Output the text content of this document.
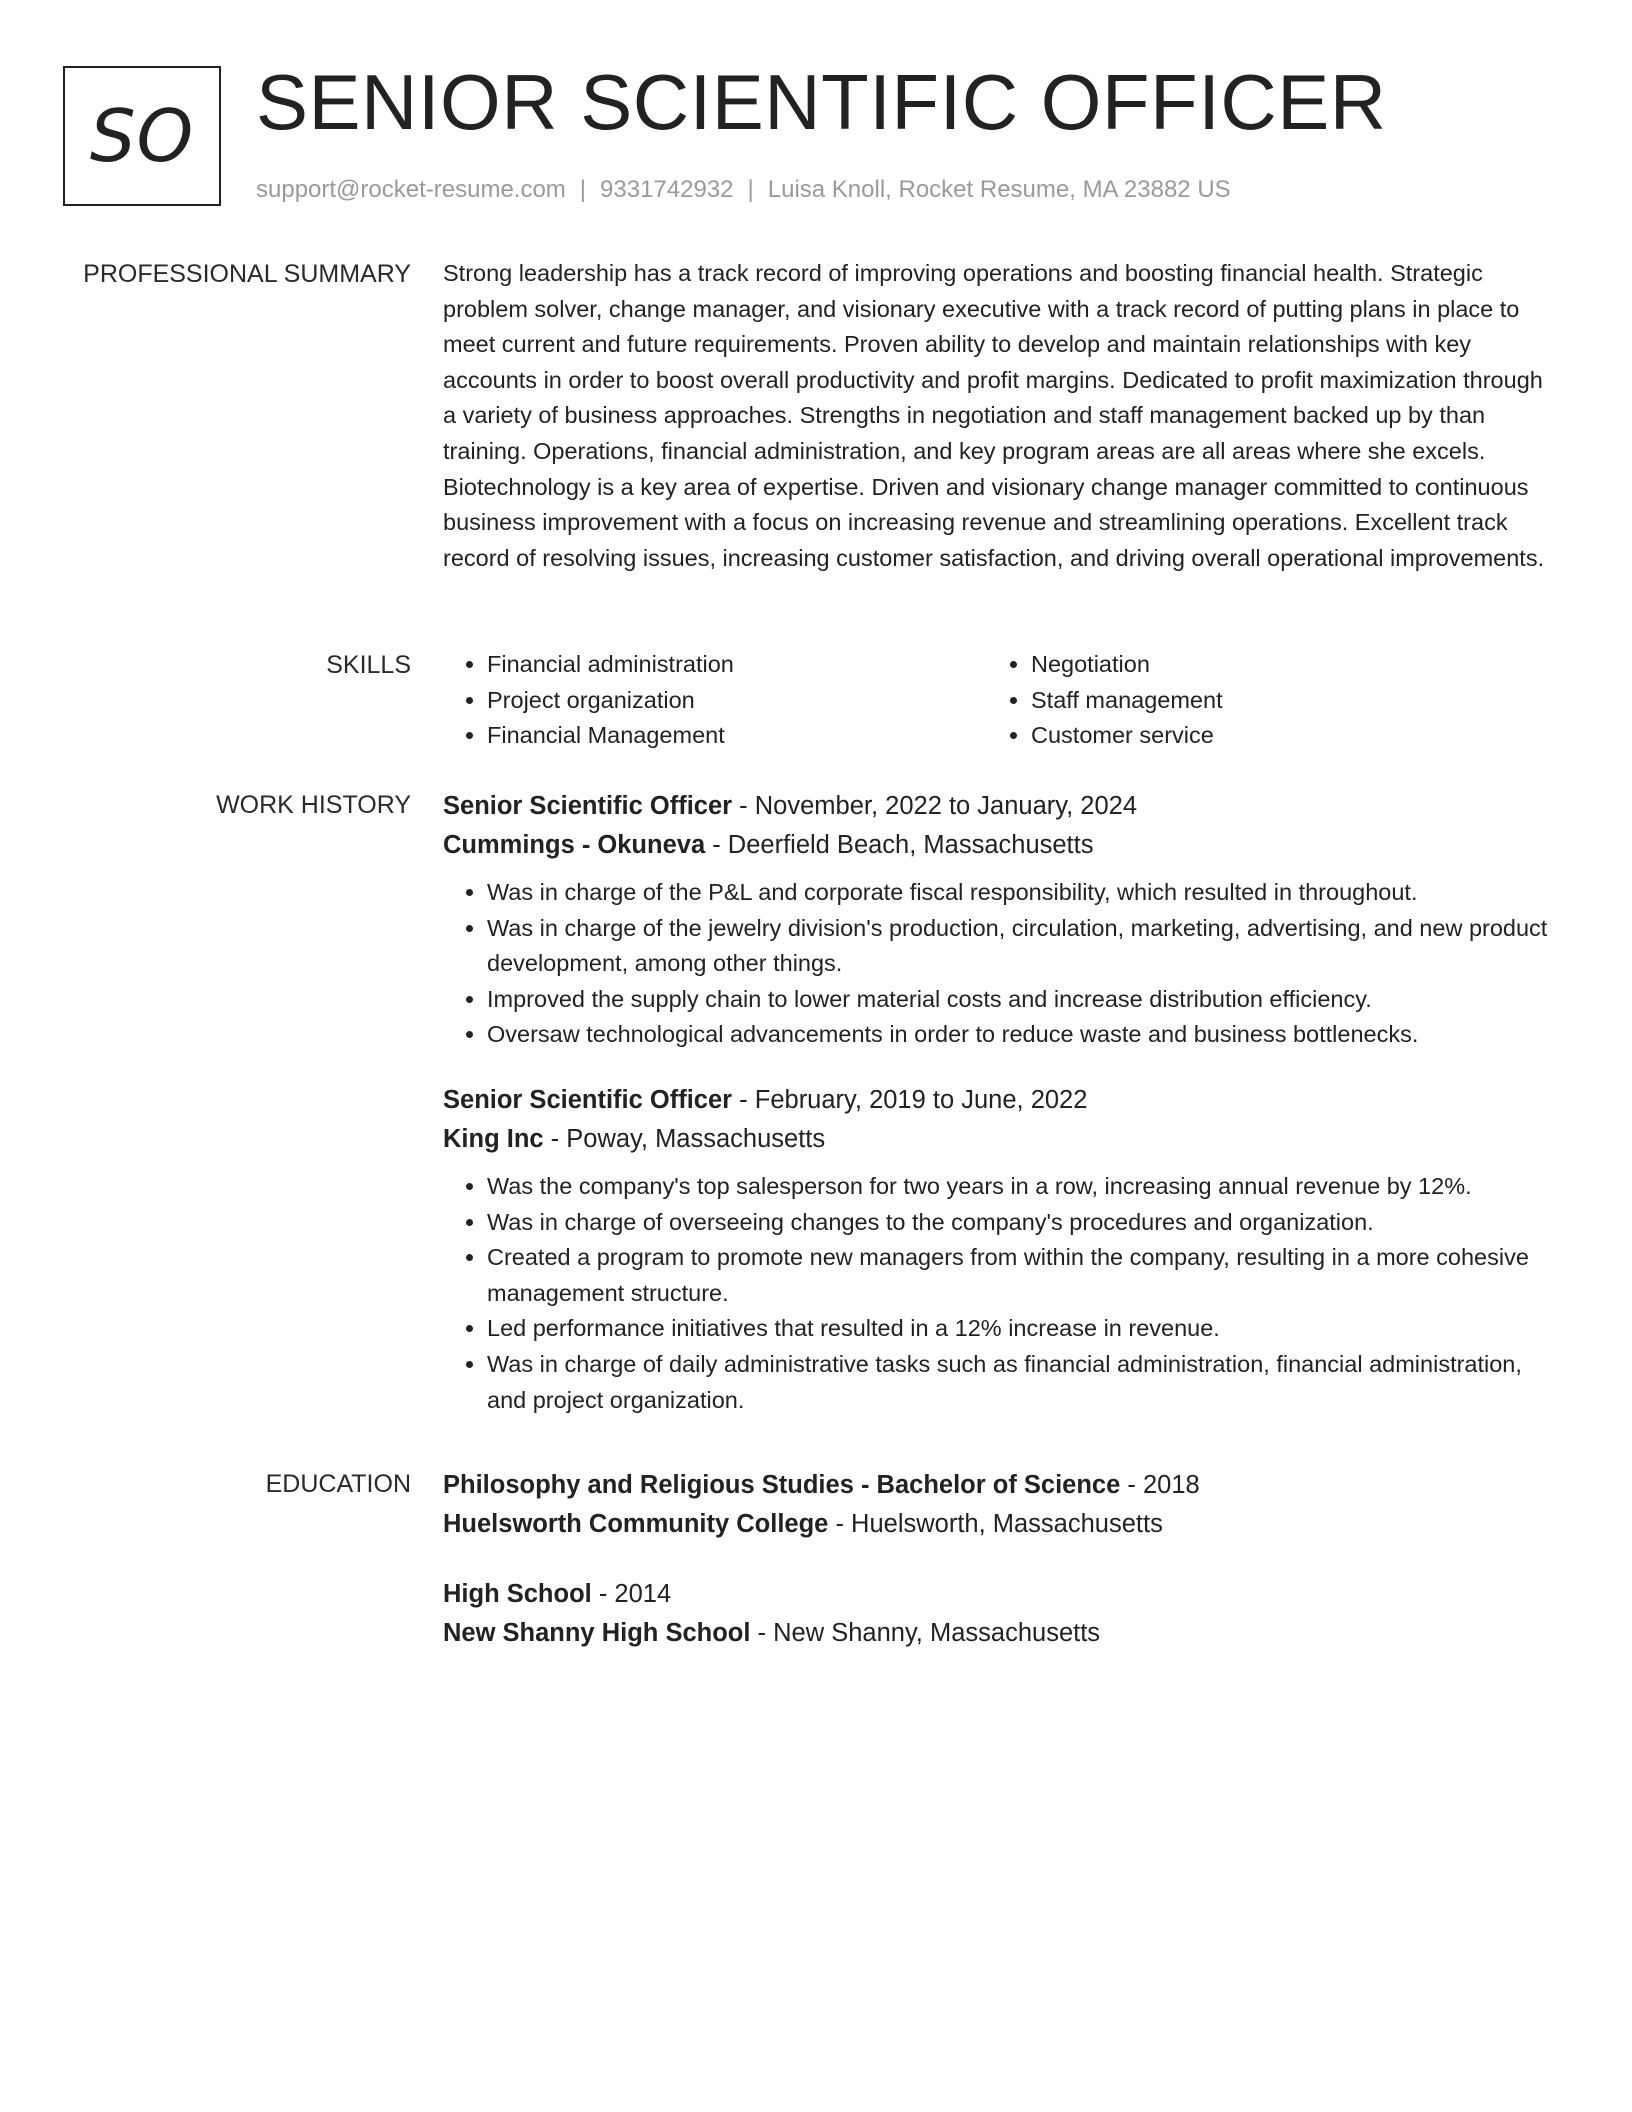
SO SENIOR SCIENTIFIC OFFICER
support@rocket-resume.com | 9331742932 | Luisa Knoll, Rocket Resume, MA 23882 US
PROFESSIONAL SUMMARY Strong leadership has a track record of improving operations and boosting financial health. Strategic problem solver, change manager, and visionary executive with a track record of putting plans in place to meet current and future requirements. Proven ability to develop and maintain relationships with key accounts in order to boost overall productivity and profit margins. Dedicated to profit maximization through a variety of business approaches. Strengths in negotiation and staff management backed up by than training. Operations, financial administration, and key program areas are all areas where she excels. Biotechnology is a key area of expertise. Driven and visionary change manager committed to continuous business improvement with a focus on increasing revenue and streamlining operations. Excellent track record of resolving issues, increasing customer satisfaction, and driving overall operational improvements.

SKILLS
•	Financial administration
• Project organization
• Financial Management
• Negotiation
• Staff management
• Customer service
WORK HISTORY Senior Scientific Officer - November, 2022 to January, 2024
Cummings - Okuneva - Deerfield Beach, Massachusetts
• Was in charge of the P&L and corporate fiscal responsibility, which resulted in throughout.
• Was in charge of the jewelry division's production, circulation, marketing, advertising, and new product development, among other things.
• Improved the supply chain to lower material costs and increase distribution efficiency.
• Oversaw technological advancements in order to reduce waste and business bottlenecks.
Senior Scientific Officer - February, 2019 to June, 2022
King Inc - Poway, Massachusetts
• Was the company's top salesperson for two years in a row, increasing annual revenue by 12%.
• Was in charge of overseeing changes to the company's procedures and organization.
• Created a program to promote new managers from within the company, resulting in a more cohesive management structure.
• Led performance initiatives that resulted in a 12% increase in revenue.
• Was in charge of daily administrative tasks such as financial administration, financial administration, and project organization.
EDUCATION Philosophy and Religious Studies - Bachelor of Science - 2018
Huelsworth Community College - Huelsworth, Massachusetts
High School - 2014
New Shanny High School - New Shanny, Massachusetts
